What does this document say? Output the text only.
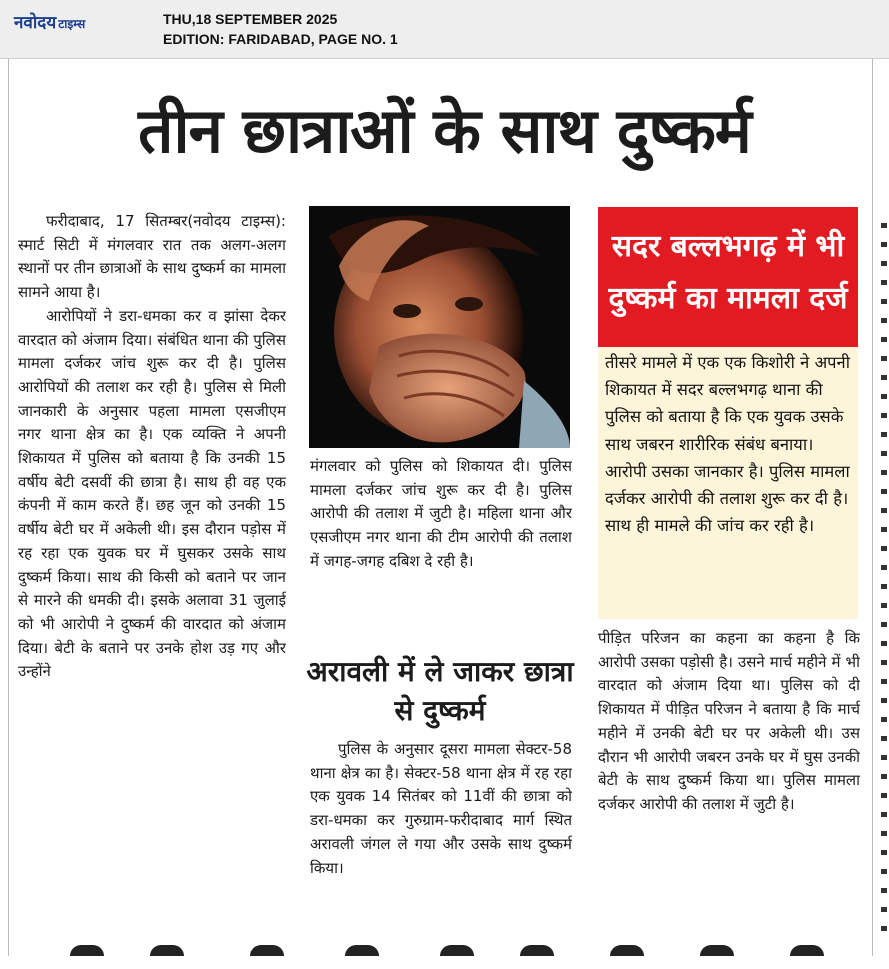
नवोदय टाइम्स	THU,18 SEPTEMBER 2025
EDITION: FARIDABAD, PAGE NO. 1
तीन छात्राओं के साथ दुष्कर्म

फरीदाबाद, 17 सितम्बर(नवोदय टाइम्स): स्मार्ट सिटी में मंगलवार रात तक अलग-अलग स्थानों पर तीन छात्राओं के साथ दुष्कर्म का मामला सामने आया है।

आरोपियों ने डरा-धमका कर व झांसा देकर वारदात को अंजाम दिया। संबंधित थाना की पुलिस मामला दर्जकर जांच शुरू कर दी है। पुलिस आरोपियों की तलाश कर रही है। पुलिस से मिली जानकारी के अनुसार पहला मामला एसजीएम नगर थाना क्षेत्र का है। एक व्यक्ति ने अपनी शिकायत में पुलिस को बताया है कि उनकी 15 वर्षीय बेटी दसवीं की छात्रा है। साथ ही वह एक कंपनी में काम करते हैं। छह जून को उनकी 15 वर्षीय बेटी घर में अकेली थी। इस दौरान पड़ोस में रह रहा एक युवक घर में घुसकर उसके साथ दुष्कर्म किया। साथ की किसी को बताने पर जान से मारने की धमकी दी। इसके अलावा 31 जुलाई को भी आरोपी ने दुष्कर्म की वारदात को अंजाम दिया। बेटी के बताने पर उनके होश उड़ गए और उन्होंने

मंगलवार को पुलिस को शिकायत दी। पुलिस मामला दर्जकर जांच शुरू कर दी है। पुलिस आरोपी की तलाश में जुटी है। महिला थाना और एसजीएम नगर थाना की टीम आरोपी की तलाश में जगह-जगह दबिश दे रही है।

अरावली में ले जाकर छात्रा से दुष्कर्म

पुलिस के अनुसार दूसरा मामला सेक्टर-58 थाना क्षेत्र का है। सेक्टर-58 थाना क्षेत्र में रह रहा एक युवक 14 सितंबर को 11वीं की छात्रा को डरा-धमका कर गुरुग्राम-फरीदाबाद मार्ग स्थित अरावली जंगल ले गया और उसके साथ दुष्कर्म किया।

सदर बल्लभगढ़ में भी दुष्कर्म का मामला दर्ज
तीसरे मामले में एक एक किशोरी ने अपनी शिकायत में सदर बल्लभगढ़ थाना की पुलिस को बताया है कि एक युवक उसके साथ जबरन शारीरिक संबंध बनाया। आरोपी उसका जानकार है। पुलिस मामला दर्जकर आरोपी की तलाश शुरू कर दी है। साथ ही मामले की जांच कर रही है।

पीड़ित परिजन का कहना का कहना है कि आरोपी उसका पड़ोसी है। उसने मार्च महीने में भी वारदात को अंजाम दिया था। पुलिस को दी शिकायत में पीड़ित परिजन ने बताया है कि मार्च महीने में उनकी बेटी घर पर अकेली थी। उस दौरान भी आरोपी जबरन उनके घर में घुस उनकी बेटी के साथ दुष्कर्म किया था। पुलिस मामला दर्जकर आरोपी की तलाश में जुटी है।
